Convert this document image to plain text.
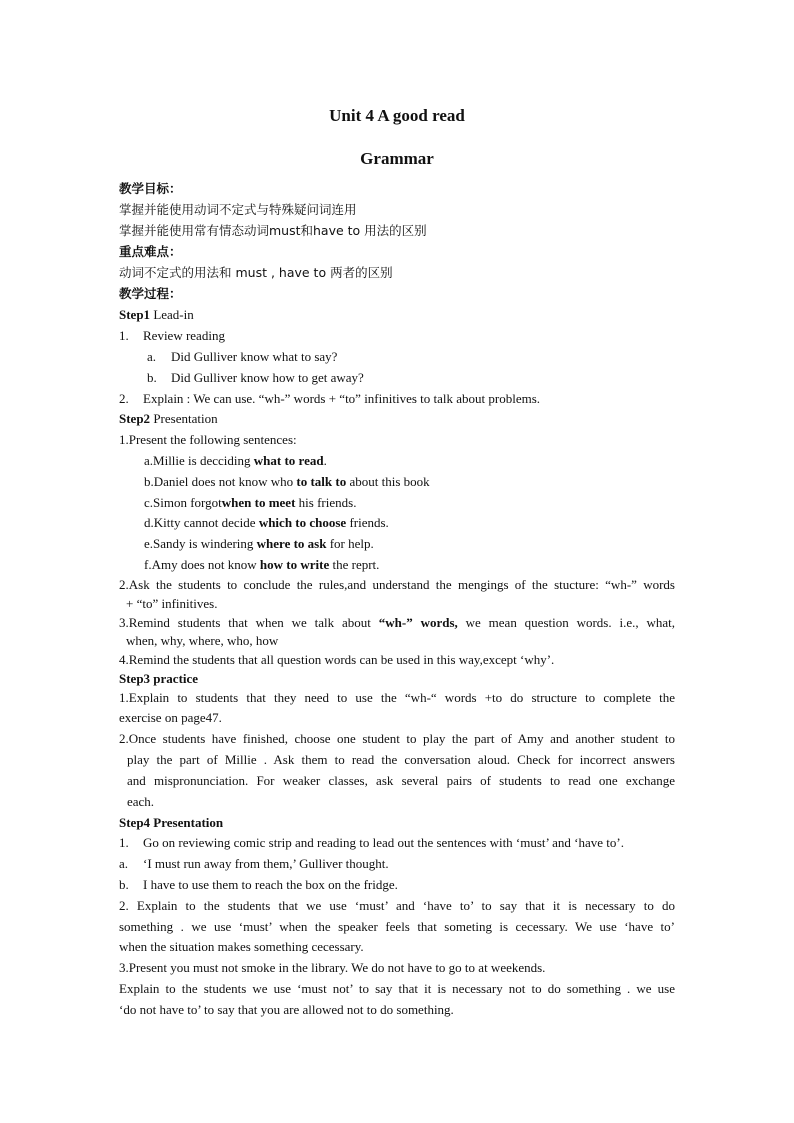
Unit 4 A good read
Grammar
教学目标：
掌握并能使用动词不定式与特殊疑问词连用
掌握并能使用常有情态动词must和have to 用法的区别
重点难点：
动词不定式的用法和 must , have to 两者的区别
教学过程：
Step1 Lead-in
1. Review reading
a. Did Gulliver know what to say?
b. Did Gulliver know how to get away?
2. Explain : We can use. “wh-” words + “to” infinitives to talk about problems.
Step2 Presentation
1.Present the following sentences:
a.Millie is decciding what to read.
b.Daniel does not know who to talk to about this book
c.Simon forgotwhen to meet his friends.
d.Kitty cannot decide which to choose friends.
e.Sandy is windering where to ask for help.
f.Amy does not know how to write the reprt.
2.Ask the students to conclude the rules,and understand the mengings of the stucture: “wh-” words
+ “to” infinitives.
3.Remind students that when we talk about “wh-” words, we mean question words. i.e., what,
when, why, where, who, how
4.Remind the students that all question words can be used in this way,except ‘why’.
Step3 practice
1.Explain to students that they need to use the “wh-“ words +to do structure to complete the
exercise on page47.
2.Once students have finished, choose one student to play the part of Amy and another student to
play the part of Millie . Ask them to read the conversation aloud. Check for incorrect answers
and mispronunciation. For weaker classes, ask several pairs of students to read one exchange
each.
Step4 Presentation
1. Go on reviewing comic strip and reading to lead out the sentences with ‘must’ and ‘have to’.
a. ‘I must run away from them,’ Gulliver thought.
b. I have to use them to reach the box on the fridge.
2. Explain to the students that we use ‘must’ and ‘have to’ to say that it is necessary to do
something . we use ‘must’ when the speaker feels that someting is cecessary. We use ‘have to’
when the situation makes something cecessary.
3.Present you must not smoke in the library. We do not have to go to at weekends.
Explain to the students we use ‘must not’ to say that it is necessary not to do something . we use
‘do not have to’ to say that you are allowed not to do something.
